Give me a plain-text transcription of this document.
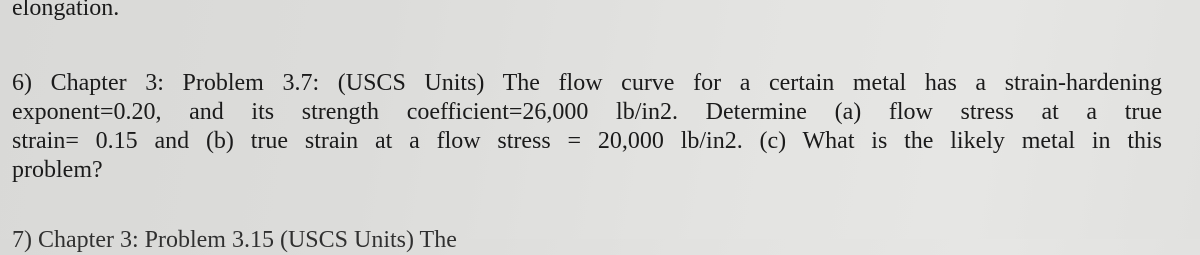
elongation.

6) Chapter 3: Problem 3.7: (USCS Units) The flow curve for a certain metal has a strain-hardening
exponent=0.20, and its strength coefficient=26,000 lb/in2. Determine (a) flow stress at a true
strain= 0.15 and (b) true strain at a flow stress = 20,000 lb/in2. (c) What is the likely metal in this
problem?

7) Chapter 3: Problem 3.15 (USCS Units) The
